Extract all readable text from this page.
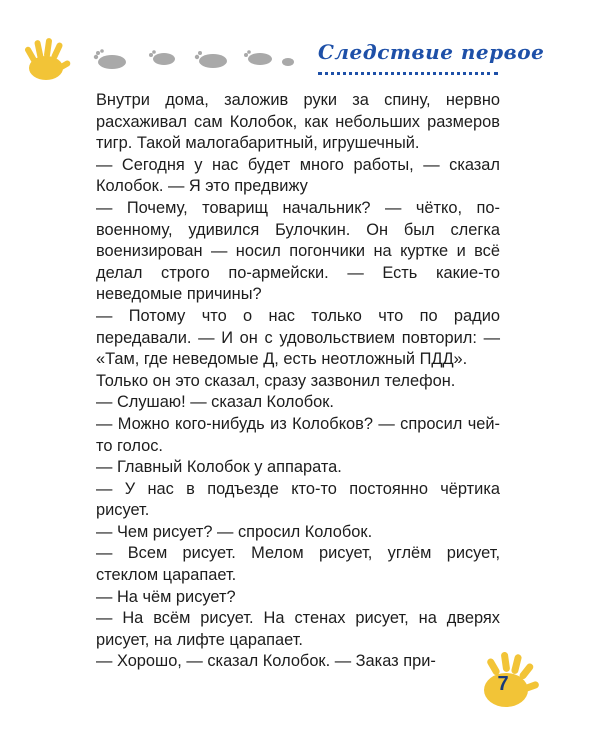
Следствие первое

Внутри дома, заложив руки за спину, нервно расхаживал сам Колобок, как небольших размеров тигр. Такой малогабаритный, игрушечный.

— Сегодня у нас будет много работы, — сказал Колобок. — Я это предвижу

— Почему, товарищ начальник? — чётко, по-военному, удивился Булочкин. Он был слегка военизирован — носил погончики на куртке и всё делал строго по-армейски. — Есть какие-то неведомые причины?

— Потому что о нас только что по радио передавали. — И он с удовольствием повторил: — «Там, где неведомые Д, есть неотложный ПДД».

Только он это сказал, сразу зазвонил телефон.

— Слушаю! — сказал Колобок.

— Можно кого-нибудь из Колобков? — спросил чей-то голос.

— Главный Колобок у аппарата.

— У нас в подъезде кто-то постоянно чёртика рисует.

— Чем рисует? — спросил Колобок.

— Всем рисует. Мелом рисует, углём рисует, стеклом царапает.

— На чём рисует?

— На всём рисует. На стенах рисует, на дверях рисует, на лифте царапает.

— Хорошо, — сказал Колобок. — Заказ при-

7
